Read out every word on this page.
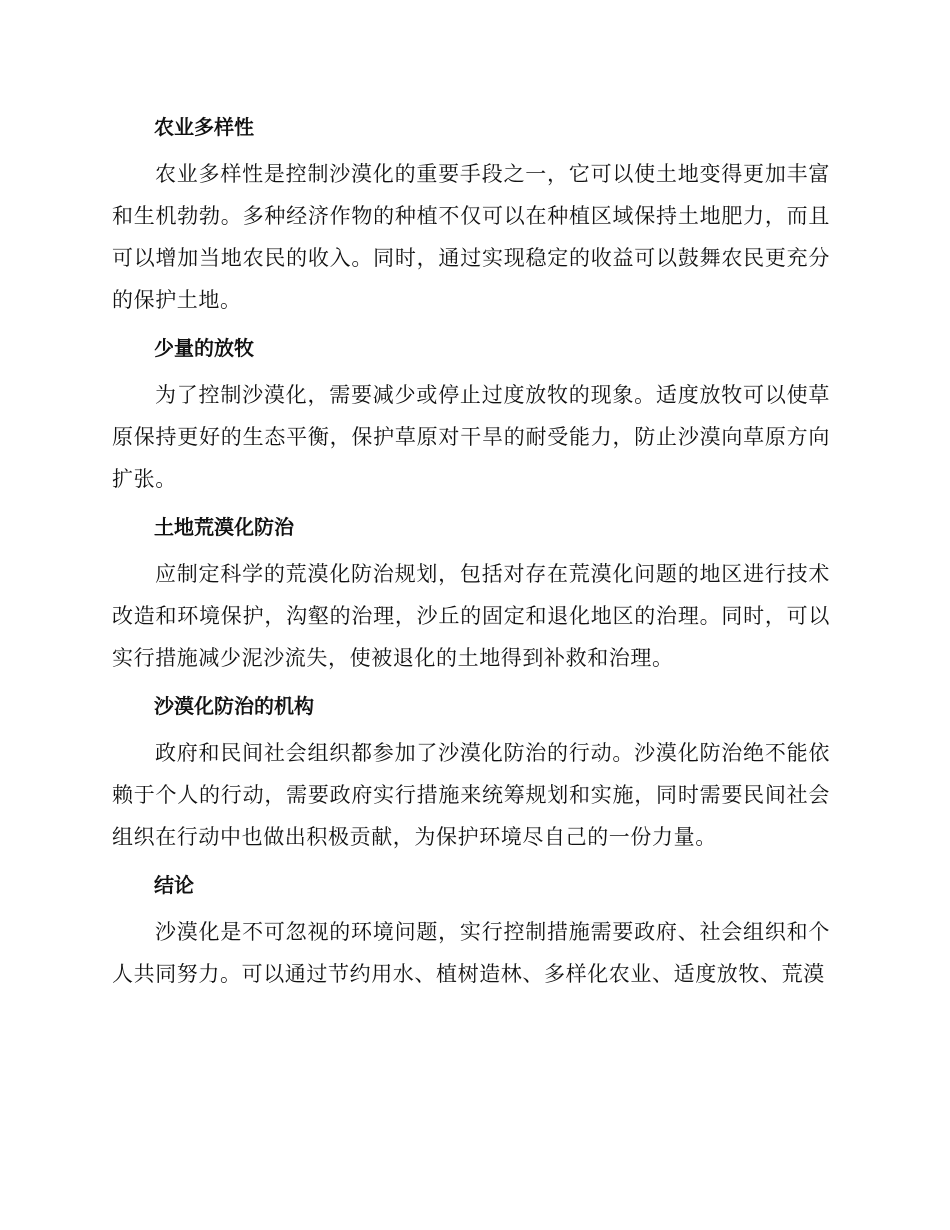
农业多样性

农业多样性是控制沙漠化的重要手段之一，它可以使土地变得更加丰富和生机勃勃。多种经济作物的种植不仅可以在种植区域保持土地肥力，而且可以增加当地农民的收入。同时，通过实现稳定的收益可以鼓舞农民更充分的保护土地。

少量的放牧

为了控制沙漠化，需要减少或停止过度放牧的现象。适度放牧可以使草原保持更好的生态平衡，保护草原对干旱的耐受能力，防止沙漠向草原方向扩张。

土地荒漠化防治

应制定科学的荒漠化防治规划，包括对存在荒漠化问题的地区进行技术改造和环境保护，沟壑的治理，沙丘的固定和退化地区的治理。同时，可以实行措施减少泥沙流失，使被退化的土地得到补救和治理。

沙漠化防治的机构

政府和民间社会组织都参加了沙漠化防治的行动。沙漠化防治绝不能依赖于个人的行动，需要政府实行措施来统筹规划和实施，同时需要民间社会组织在行动中也做出积极贡献，为保护环境尽自己的一份力量。

结论

沙漠化是不可忽视的环境问题，实行控制措施需要政府、社会组织和个人共同努力。可以通过节约用水、植树造林、多样化农业、适度放牧、荒漠
